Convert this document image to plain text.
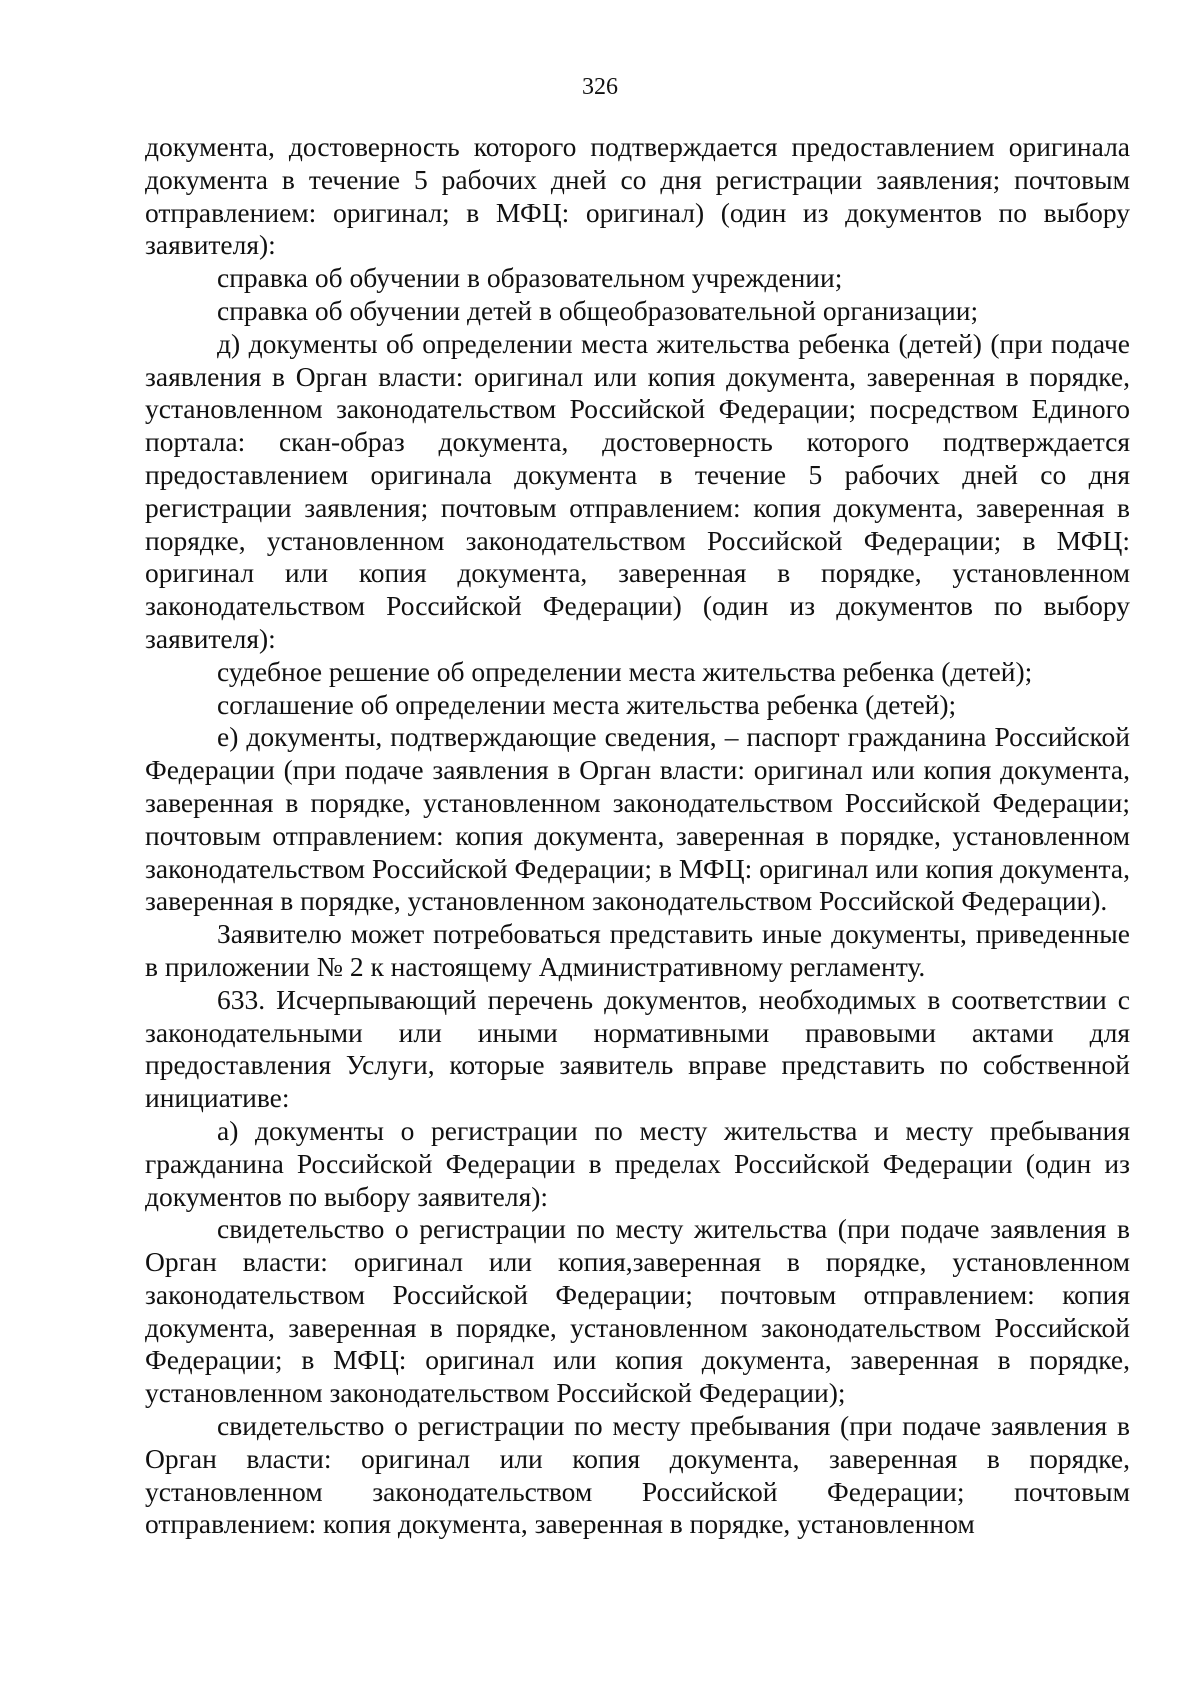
326

документа, достоверность которого подтверждается предоставлением оригинала документа в течение 5 рабочих дней со дня регистрации заявления; почтовым отправлением: оригинал; в МФЦ: оригинал) (один из документов по выбору заявителя):

справка об обучении в образовательном учреждении;

справка об обучении детей в общеобразовательной организации;

д) документы об определении места жительства ребенка (детей) (при подаче заявления в Орган власти: оригинал или копия документа, заверенная в порядке, установленном законодательством Российской Федерации; посредством Единого портала: скан-образ документа, достоверность которого подтверждается предоставлением оригинала документа в течение 5 рабочих дней со дня регистрации заявления; почтовым отправлением: копия документа, заверенная в порядке, установленном законодательством Российской Федерации; в МФЦ: оригинал или копия документа, заверенная в порядке, установленном законодательством Российской Федерации) (один из документов по выбору заявителя):

судебное решение об определении места жительства ребенка (детей);

соглашение об определении места жительства ребенка (детей);

е) документы, подтверждающие сведения, – паспорт гражданина Российской Федерации (при подаче заявления в Орган власти: оригинал или копия документа, заверенная в порядке, установленном законодательством Российской Федерации; почтовым отправлением: копия документа, заверенная в порядке, установленном законодательством Российской Федерации; в МФЦ: оригинал или копия документа, заверенная в порядке, установленном законодательством Российской Федерации).

Заявителю может потребоваться представить иные документы, приведенные в приложении № 2 к настоящему Административному регламенту.

633. Исчерпывающий перечень документов, необходимых в соответствии с законодательными или иными нормативными правовыми актами для предоставления Услуги, которые заявитель вправе представить по собственной инициативе:

а) документы о регистрации по месту жительства и месту пребывания гражданина Российской Федерации в пределах Российской Федерации (один из документов по выбору заявителя):

свидетельство о регистрации по месту жительства (при подаче заявления в Орган власти: оригинал или копия,заверенная в порядке, установленном законодательством Российской Федерации; почтовым отправлением: копия документа, заверенная в порядке, установленном законодательством Российской Федерации; в МФЦ: оригинал или копия документа, заверенная в порядке, установленном законодательством Российской Федерации);

свидетельство о регистрации по месту пребывания (при подаче заявления в Орган власти: оригинал или копия документа, заверенная в порядке, установленном законодательством Российской Федерации; почтовым отправлением: копия документа, заверенная в порядке, установленном
